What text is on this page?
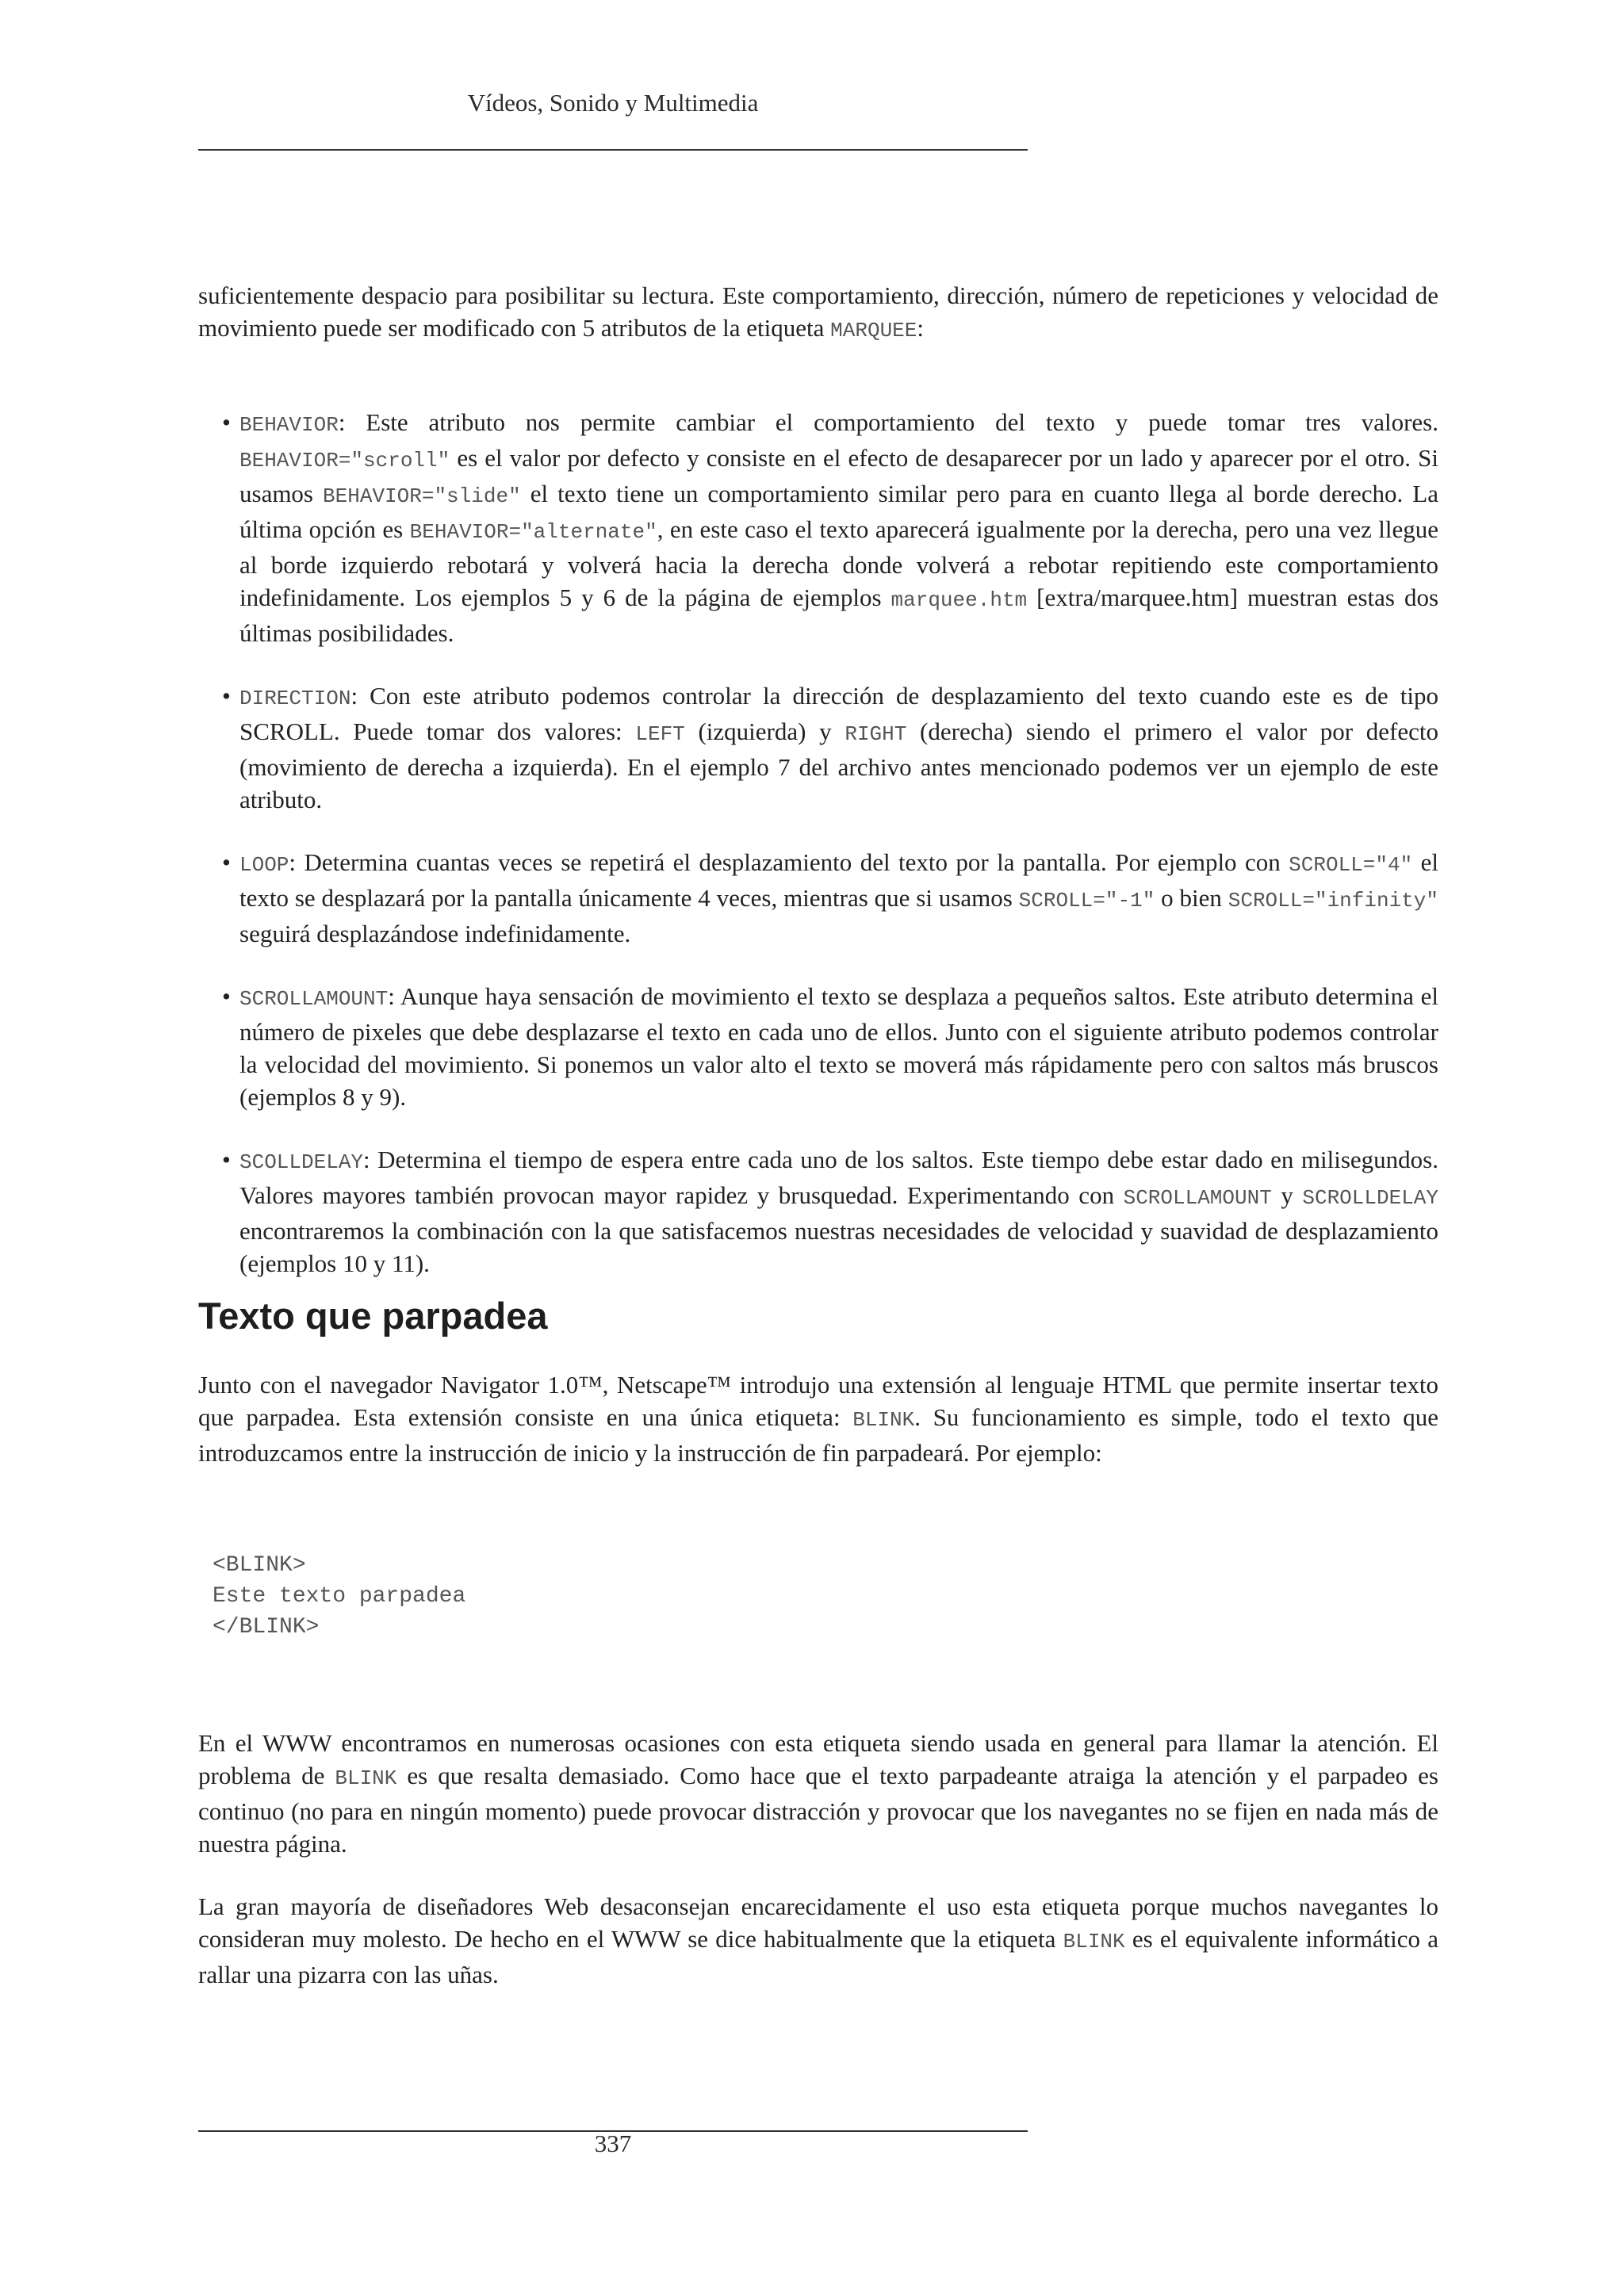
Vídeos, Sonido y Multimedia

suficientemente despacio para posibilitar su lectura. Este comportamiento, dirección, número de repeticiones y velocidad de movimiento puede ser modificado con 5 atributos de la etiqueta MARQUEE:

• BEHAVIOR: Este atributo nos permite cambiar el comportamiento del texto y puede tomar tres valores. BEHAVIOR="scroll" es el valor por defecto y consiste en el efecto de desaparecer por un lado y aparecer por el otro. Si usamos BEHAVIOR="slide" el texto tiene un comportamiento similar pero para en cuanto llega al borde derecho. La última opción es BEHAVIOR="alternate", en este caso el texto aparecerá igualmente por la derecha, pero una vez llegue al borde izquierdo rebotará y volverá hacia la derecha donde volverá a rebotar repitiendo este comportamiento indefinidamente. Los ejemplos 5 y 6 de la página de ejemplos marquee.htm [extra/marquee.htm] muestran estas dos últimas posibilidades.
• DIRECTION: Con este atributo podemos controlar la dirección de desplazamiento del texto cuando este es de tipo SCROLL. Puede tomar dos valores: LEFT (izquierda) y RIGHT (derecha) siendo el primero el valor por defecto (movimiento de derecha a izquierda). En el ejemplo 7 del archivo antes mencionado podemos ver un ejemplo de este atributo.
• LOOP: Determina cuantas veces se repetirá el desplazamiento del texto por la pantalla. Por ejemplo con SCROLL="4" el texto se desplazará por la pantalla únicamente 4 veces, mientras que si usamos SCROLL="-1" o bien SCROLL="infinity" seguirá desplazándose indefinidamente.
• SCROLLAMOUNT: Aunque haya sensación de movimiento el texto se desplaza a pequeños saltos. Este atributo determina el número de pixeles que debe desplazarse el texto en cada uno de ellos. Junto con el siguiente atributo podemos controlar la velocidad del movimiento. Si ponemos un valor alto el texto se moverá más rápidamente pero con saltos más bruscos (ejemplos 8 y 9).
• SCOLLDELAY: Determina el tiempo de espera entre cada uno de los saltos. Este tiempo debe estar dado en milisegundos. Valores mayores también provocan mayor rapidez y brusquedad. Experimentando con SCROLLAMOUNT y SCROLLDELAY encontraremos la combinación con la que satisfacemos nuestras necesidades de velocidad y suavidad de desplazamiento (ejemplos 10 y 11).
Texto que parpadea

Junto con el navegador Navigator 1.0™, Netscape™ introdujo una extensión al lenguaje HTML que permite insertar texto que parpadea. Esta extensión consiste en una única etiqueta: BLINK. Su funcionamiento es simple, todo el texto que introduzcamos entre la instrucción de inicio y la instrucción de fin parpadeará. Por ejemplo:

<BLINK>
Este texto parpadea
</BLINK>

En el WWW encontramos en numerosas ocasiones con esta etiqueta siendo usada en general para llamar la atención. El problema de BLINK es que resalta demasiado. Como hace que el texto parpadeante atraiga la atención y el parpadeo es continuo (no para en ningún momento) puede provocar distracción y provocar que los navegantes no se fijen en nada más de nuestra página.

La gran mayoría de diseñadores Web desaconsejan encarecidamente el uso esta etiqueta porque muchos navegantes lo consideran muy molesto. De hecho en el WWW se dice habitualmente que la etiqueta BLINK es el equivalente informático a rallar una pizarra con las uñas.

337
